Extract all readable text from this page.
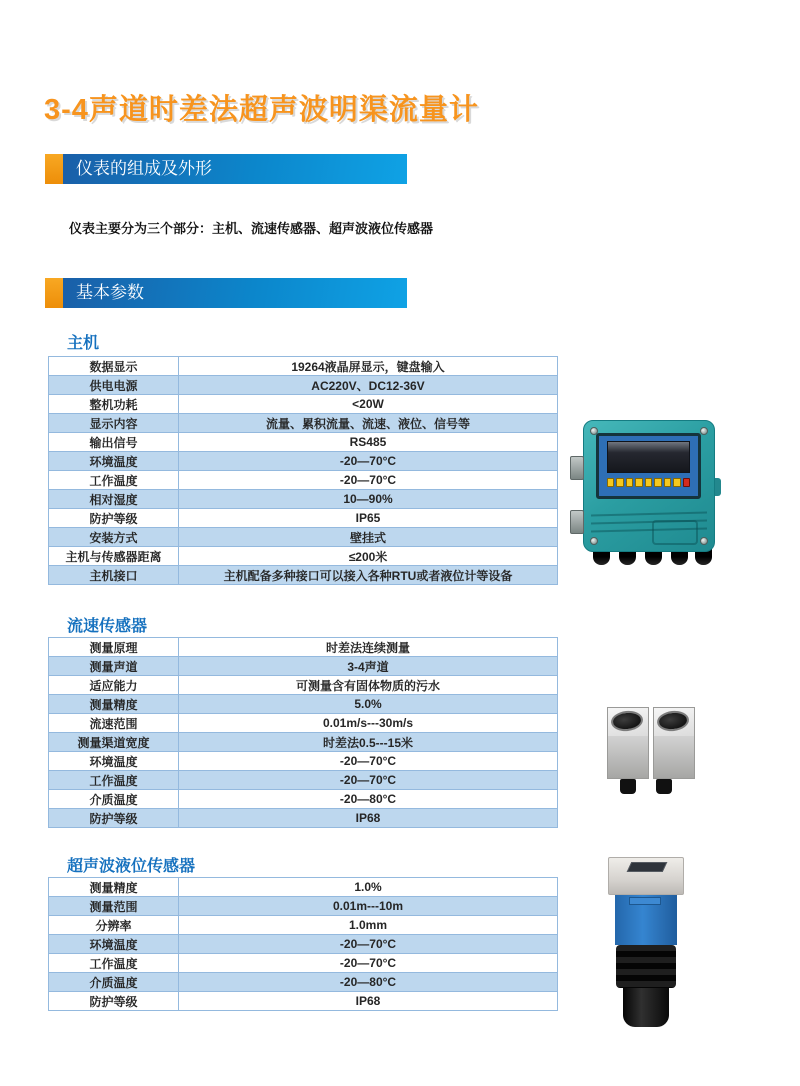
3-4声道时差法超声波明渠流量计
仪表的组成及外形
仪表主要分为三个部分：主机、流速传感器、超声波液位传感器
基本参数
主机
数据显示	19264液晶屏显示，键盘输入
供电电源	AC220V、DC12-36V
整机功耗	<20W
显示内容	流量、累积流量、流速、液位、信号等
输出信号	RS485
环境温度	-20—70°C
工作温度	-20—70°C
相对湿度	10—90%
防护等级	IP65
安装方式	壁挂式
主机与传感器距离	≤200米
主机接口	主机配备多种接口可以接入各种RTU或者液位计等设备
流速传感器
测量原理	时差法连续测量
测量声道	3-4声道
适应能力	可测量含有固体物质的污水
测量精度	5.0%
流速范围	0.01m/s---30m/s
测量渠道宽度	时差法0.5---15米
环境温度	-20—70°C
工作温度	-20—70°C
介质温度	-20—80°C
防护等级	IP68
超声波液位传感器
测量精度	1.0%
测量范围	0.01m---10m
分辨率	1.0mm
环境温度	-20—70°C
工作温度	-20—70°C
介质温度	-20—80°C
防护等级	IP68
